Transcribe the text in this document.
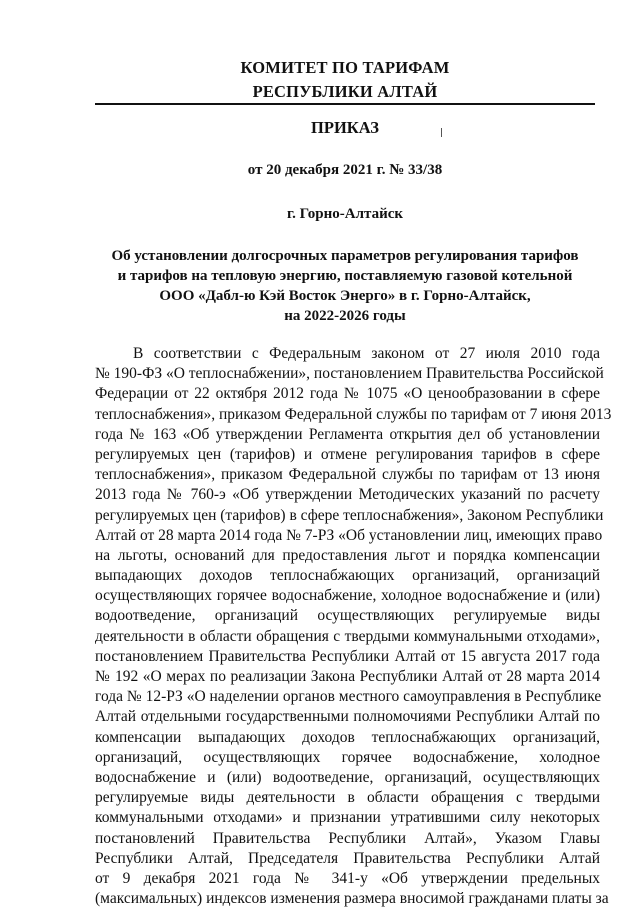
КОМИТЕТ ПО ТАРИФАМ
РЕСПУБЛИКИ АЛТАЙ
ПРИКАЗ
от 20 декабря 2021 г. № 33/38
г. Горно-Алтайск
Об установлении долгосрочных параметров регулирования тарифов
и тарифов на тепловую энергию, поставляемую газовой котельной
ООО «Дабл-ю Кэй Восток Энерго» в г. Горно-Алтайск,
на 2022-2026 годы
В соответствии с Федеральным законом от 27 июля 2010 года
№ 190-ФЗ «О теплоснабжении», постановлением Правительства Российской
Федерации от 22 октября 2012 года № 1075 «О ценообразовании в сфере
теплоснабжения», приказом Федеральной службы по тарифам от 7 июня 2013
года № 163 «Об утверждении Регламента открытия дел об установлении
регулируемых цен (тарифов) и отмене регулирования тарифов в сфере
теплоснабжения», приказом Федеральной службы по тарифам от 13 июня
2013 года № 760-э «Об утверждении Методических указаний по расчету
регулируемых цен (тарифов) в сфере теплоснабжения», Законом Республики
Алтай от 28 марта 2014 года № 7-РЗ «Об установлении лиц, имеющих право
на льготы, оснований для предоставления льгот и порядка компенсации
выпадающих доходов теплоснабжающих организаций, организаций
осуществляющих горячее водоснабжение, холодное водоснабжение и (или)
водоотведение, организаций осуществляющих регулируемые виды
деятельности в области обращения с твердыми коммунальными отходами»,
постановлением Правительства Республики Алтай от 15 августа 2017 года
№ 192 «О мерах по реализации Закона Республики Алтай от 28 марта 2014
года № 12-РЗ «О наделении органов местного самоуправления в Республике
Алтай отдельными государственными полномочиями Республики Алтай по
компенсации выпадающих доходов теплоснабжающих организаций,
организаций, осуществляющих горячее водоснабжение, холодное
водоснабжение и (или) водоотведение, организаций, осуществляющих
регулируемые виды деятельности в области обращения с твердыми
коммунальными отходами» и признании утратившими силу некоторых
постановлений Правительства Республики Алтай», Указом Главы
Республики Алтай, Председателя Правительства Республики Алтай
от 9 декабря 2021 года № 341-у «Об утверждении предельных
(максимальных) индексов изменения размера вносимой гражданами платы за
